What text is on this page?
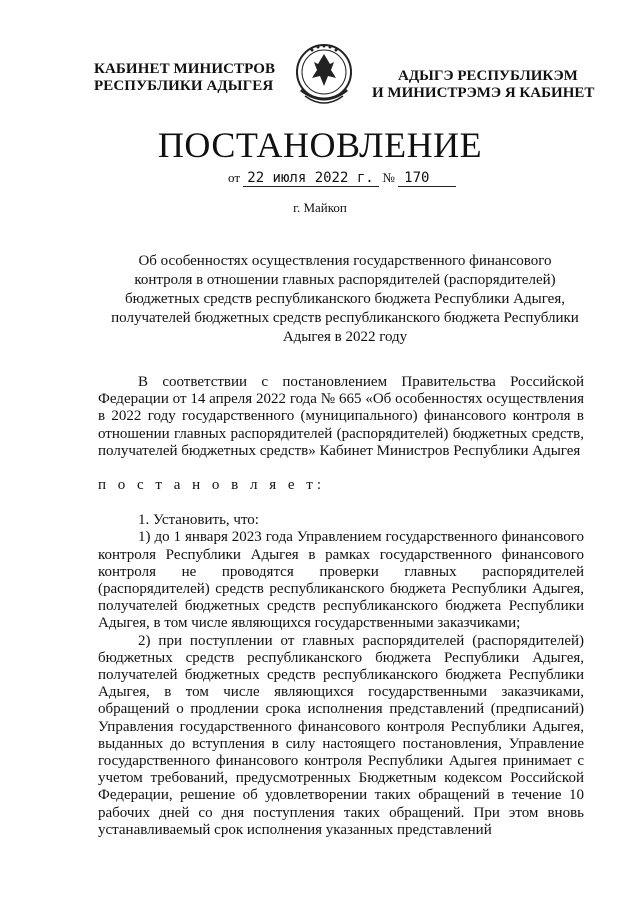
КАБИНЕТ МИНИСТРОВ
РЕСПУБЛИКИ АДЫГЕЯ
АДЫГЭ РЕСПУБЛИКЭМ
И МИНИСТРЭМЭ Я КАБИНЕТ
ПОСТАНОВЛЕНИЕ
от 22 июля 2022 г. № 170
г. Майкоп
Об особенностях осуществления государственного финансового контроля в отношении главных распорядителей (распорядителей) бюджетных средств республиканского бюджета Республики Адыгея, получателей бюджетных средств республиканского бюджета Республики Адыгея в 2022 году

В соответствии с постановлением Правительства Российской Федерации от 14 апреля 2022 года № 665 «Об особенностях осуществления в 2022 году государственного (муниципального) финансового контроля в отношении главных распорядителей (распорядителей) бюджетных средств, получателей бюджетных средств» Кабинет Министров Республики Адыгея

п о с т а н о в л я е т:

1. Установить, что:

1) до 1 января 2023 года Управлением государственного финансового контроля Республики Адыгея в рамках государственного финансового контроля не проводятся проверки главных распорядителей (распорядителей) средств республиканского бюджета Республики Адыгея, получателей бюджетных средств республиканского бюджета Республики Адыгея, в том числе являющихся государственными заказчиками;

2) при поступлении от главных распорядителей (распорядителей) бюджетных средств республиканского бюджета Республики Адыгея, получателей бюджетных средств республиканского бюджета Республики Адыгея, в том числе являющихся государственными заказчиками, обращений о продлении срока исполнения представлений (предписаний) Управления государственного финансового контроля Республики Адыгея, выданных до вступления в силу настоящего постановления, Управление государственного финансового контроля Республики Адыгея принимает с учетом требований, предусмотренных Бюджетным кодексом Российской Федерации, решение об удовлетворении таких обращений в течение 10 рабочих дней со дня поступления таких обращений. При этом вновь устанавливаемый срок исполнения указанных представлений
